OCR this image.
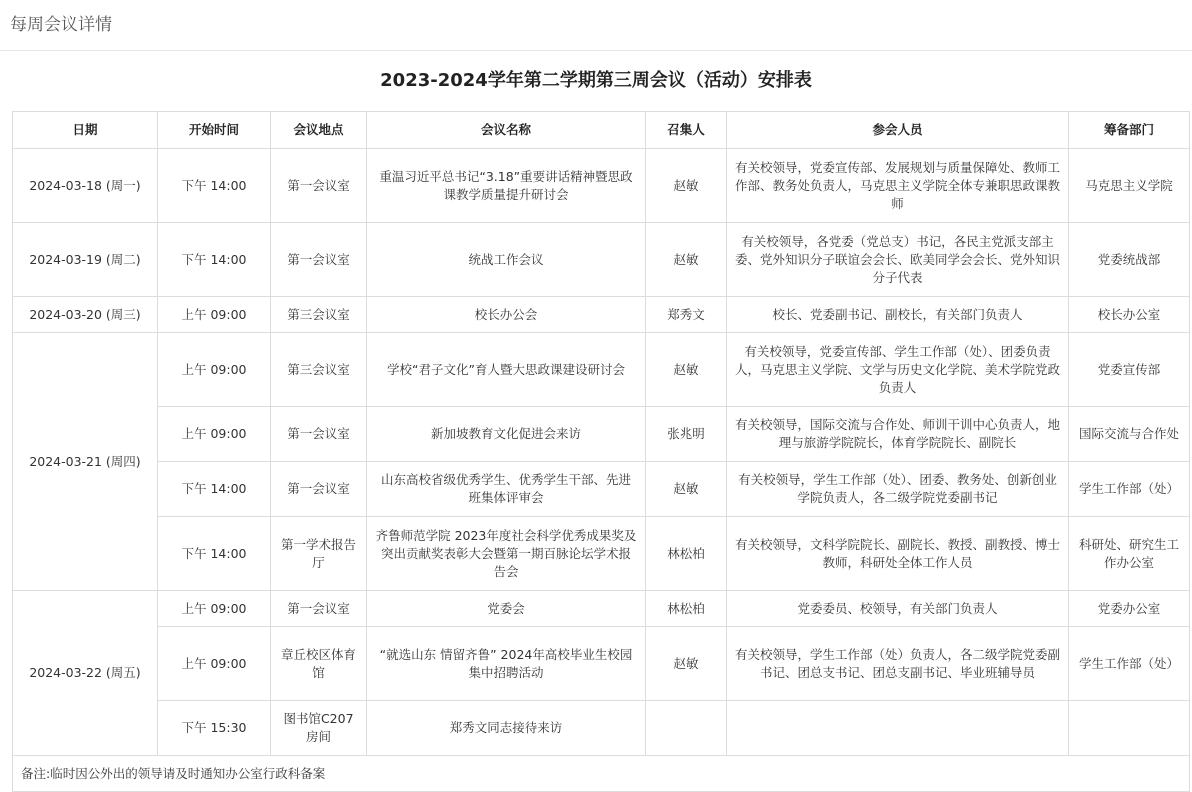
每周会议详情
2023-2024学年第二学期第三周会议（活动）安排表
日期	开始时间	会议地点	会议名称	召集人	参会人员	筹备部门
2024-03-18 (周一)	下午 14:00	第一会议室	重温习近平总书记“3.18”重要讲话精神暨思政课教学质量提升研讨会	赵敏	有关校领导，党委宣传部、发展规划与质量保障处、教师工作部、教务处负责人，马克思主义学院全体专兼职思政课教师	马克思主义学院
2024-03-19 (周二)	下午 14:00	第一会议室	统战工作会议	赵敏	有关校领导，各党委（党总支）书记，各民主党派支部主委、党外知识分子联谊会会长、欧美同学会会长、党外知识分子代表	党委统战部
2024-03-20 (周三)	上午 09:00	第三会议室	校长办公会	郑秀文	校长、党委副书记、副校长，有关部门负责人	校长办公室
2024-03-21 (周四)	上午 09:00	第三会议室	学校“君子文化”育人暨大思政课建设研讨会	赵敏	有关校领导，党委宣传部、学生工作部（处）、团委负责人，马克思主义学院、文学与历史文化学院、美术学院党政负责人	党委宣传部
	上午 09:00	第一会议室	新加坡教育文化促进会来访	张兆明	有关校领导，国际交流与合作处、师训干训中心负责人，地理与旅游学院院长，体育学院院长、副院长	国际交流与合作处
	下午 14:00	第一会议室	山东高校省级优秀学生、优秀学生干部、先进班集体评审会	赵敏	有关校领导，学生工作部（处）、团委、教务处、创新创业学院负责人，各二级学院党委副书记	学生工作部（处）
	下午 14:00	第一学术报告厅	齐鲁师范学院 2023年度社会科学优秀成果奖及突出贡献奖表彰大会暨第一期百脉论坛学术报告会	林松柏	有关校领导，文科学院院长、副院长、教授、副教授、博士教师，科研处全体工作人员	科研处、研究生工作办公室
2024-03-22 (周五)	上午 09:00	第一会议室	党委会	林松柏	党委委员、校领导，有关部门负责人	党委办公室
	上午 09:00	章丘校区体育馆	“就选山东 情留齐鲁” 2024年高校毕业生校园集中招聘活动	赵敏	有关校领导，学生工作部（处）负责人，各二级学院党委副书记、团总支书记、团总支副书记、毕业班辅导员	学生工作部（处）
	下午 15:30	图书馆C207房间	郑秀文同志接待来访			
备注:临时因公外出的领导请及时通知办公室行政科备案						
